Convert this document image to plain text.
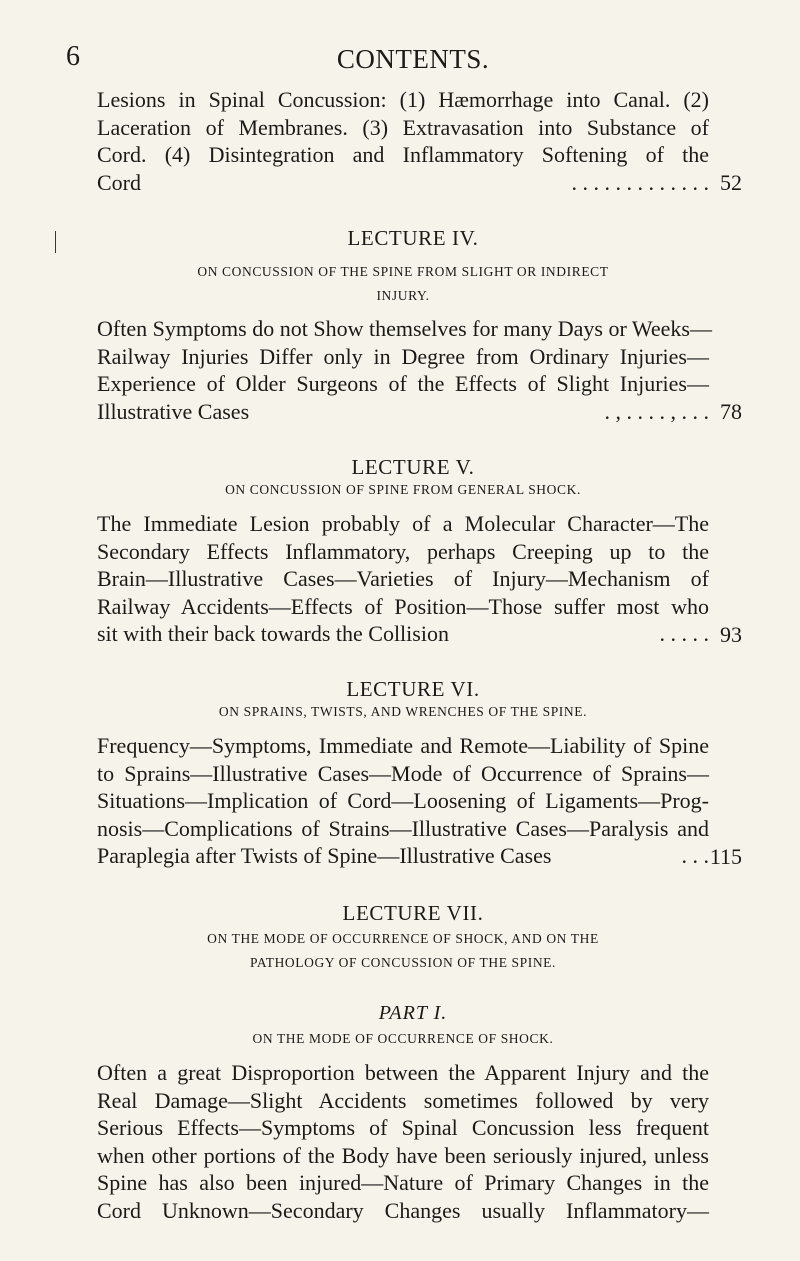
6	CONTENTS.
Lesions in Spinal Concussion: (1) Hæmorrhage into Canal. (2)
Laceration of Membranes. (3) Extravasation into Substance of
Cord. (4) Disintegration and Inflammatory Softening of the
Cord	. . . . . . . . . . . . . 52
LECTURE IV.
ON CONCUSSION OF THE SPINE FROM SLIGHT OR INDIRECT
INJURY.
Often Symptoms do not Show themselves for many Days or Weeks—
Railway Injuries Differ only in Degree from Ordinary Injuries—
Experience of Older Surgeons of the Effects of Slight Injuries—
Illustrative Cases	. , . . . . , . . . 78
LECTURE V.
ON CONCUSSION OF SPINE FROM GENERAL SHOCK.
The Immediate Lesion probably of a Molecular Character—The
Secondary Effects Inflammatory, perhaps Creeping up to the
Brain—Illustrative Cases—Varieties of Injury—Mechanism of
Railway Accidents—Effects of Position—Those suffer most who
sit with their back towards the Collision	. . . . . 93
LECTURE VI.
ON SPRAINS, TWISTS, AND WRENCHES OF THE SPINE.
Frequency—Symptoms, Immediate and Remote—Liability of Spine
to Sprains—Illustrative Cases—Mode of Occurrence of Sprains—
Situations—Implication of Cord—Loosening of Ligaments—Prog-
nosis—Complications of Strains—Illustrative Cases—Paralysis and
Paraplegia after Twists of Spine—Illustrative Cases	. . . 115
LECTURE VII.
ON THE MODE OF OCCURRENCE OF SHOCK, AND ON THE
PATHOLOGY OF CONCUSSION OF THE SPINE.
PART I.
ON THE MODE OF OCCURRENCE OF SHOCK.
Often a great Disproportion between the Apparent Injury and the
Real Damage—Slight Accidents sometimes followed by very
Serious Effects—Symptoms of Spinal Concussion less frequent
when other portions of the Body have been seriously injured, unless
Spine has also been injured—Nature of Primary Changes in the
Cord Unknown—Secondary Changes usually Inflammatory—
